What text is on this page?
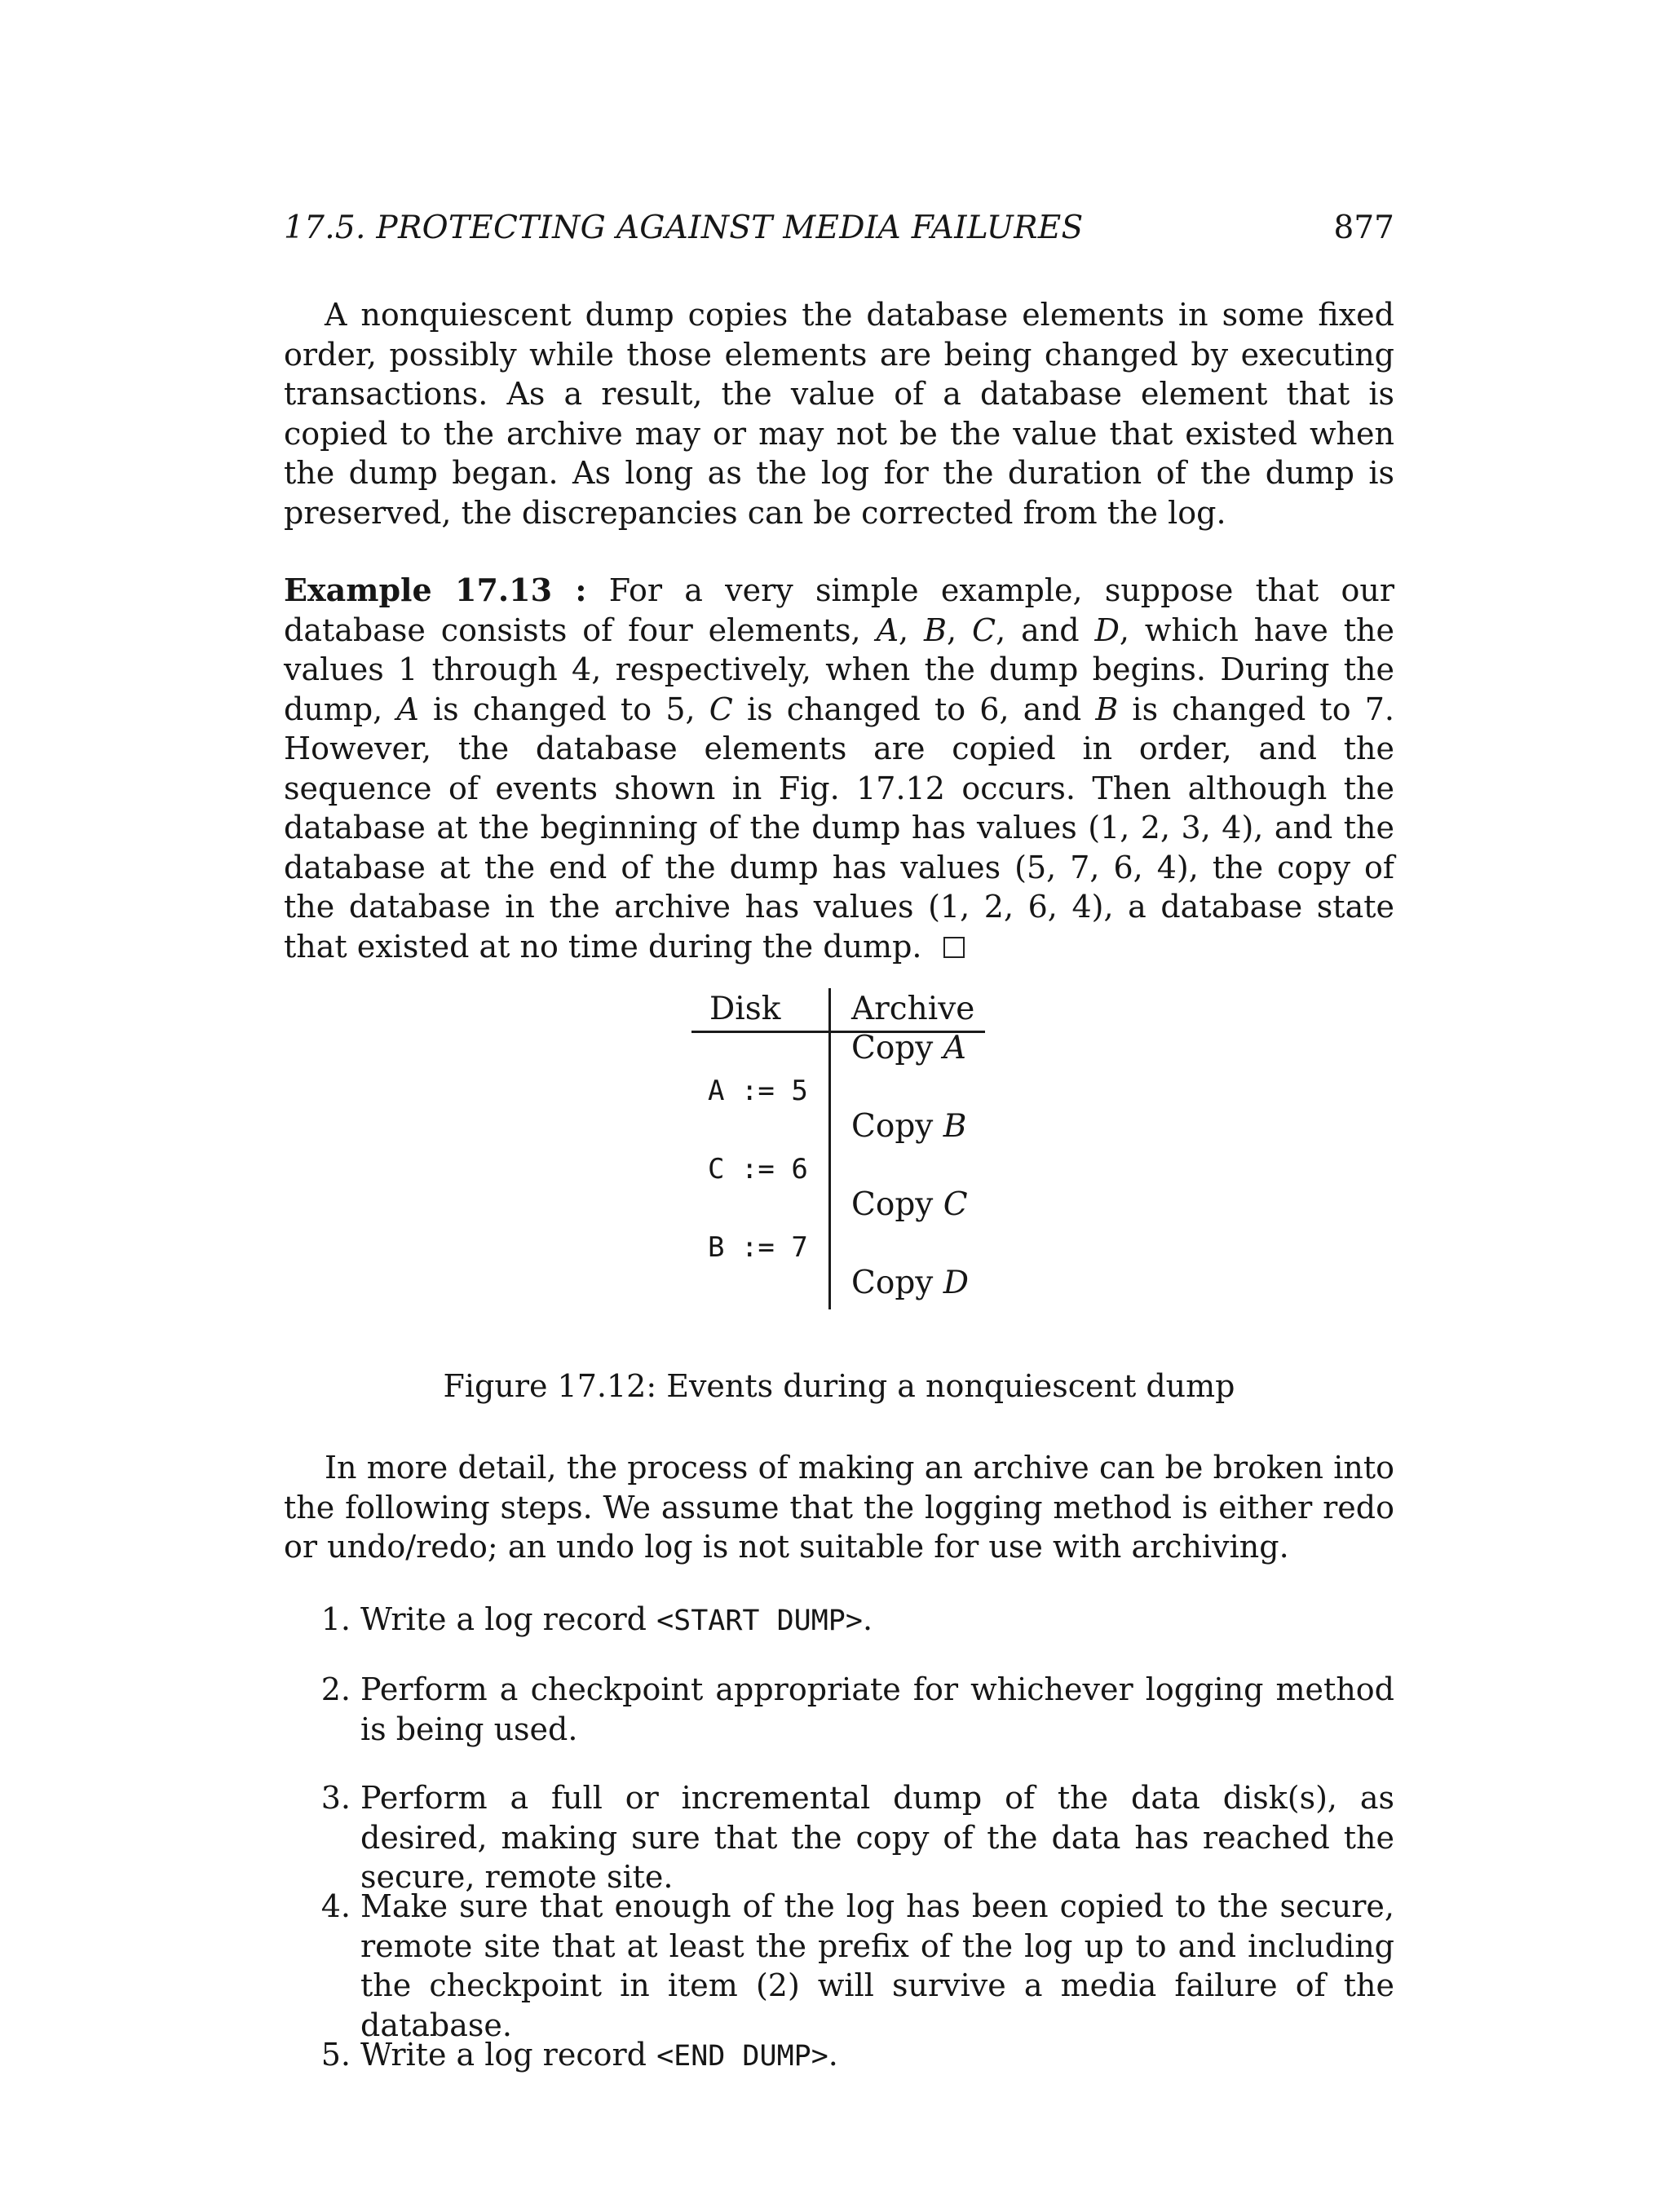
17.5. PROTECTING AGAINST MEDIA FAILURES	877

A nonquiescent dump copies the database elements in some fixed order, possibly while those elements are being changed by executing transactions. As a result, the value of a database element that is copied to the archive may or may not be the value that existed when the dump began. As long as the log for the duration of the dump is preserved, the discrepancies can be corrected from the log.

Example 17.13 : For a very simple example, suppose that our database consists of four elements, A, B, C, and D, which have the values 1 through 4, respectively, when the dump begins. During the dump, A is changed to 5, C is changed to 6, and B is changed to 7. However, the database elements are copied in order, and the sequence of events shown in Fig. 17.12 occurs. Then although the database at the beginning of the dump has values (1, 2, 3, 4), and the database at the end of the dump has values (5, 7, 6, 4), the copy of the database in the archive has values (1, 2, 6, 4), a database state that existed at no time during the dump.

Disk Archive
Copy A
A := 5
Copy B
C := 6
Copy C
B := 7
Copy D
Figure 17.12: Events during a nonquiescent dump

In more detail, the process of making an archive can be broken into the following steps. We assume that the logging method is either redo or undo/redo; an undo log is not suitable for use with archiving.

1. Write a log record <START DUMP>.
2. Perform a checkpoint appropriate for whichever logging method is being used.
3. Perform a full or incremental dump of the data disk(s), as desired, making sure that the copy of the data has reached the secure, remote site.
4. Make sure that enough of the log has been copied to the secure, remote site that at least the prefix of the log up to and including the checkpoint in item (2) will survive a media failure of the database.
5. Write a log record <END DUMP>.
